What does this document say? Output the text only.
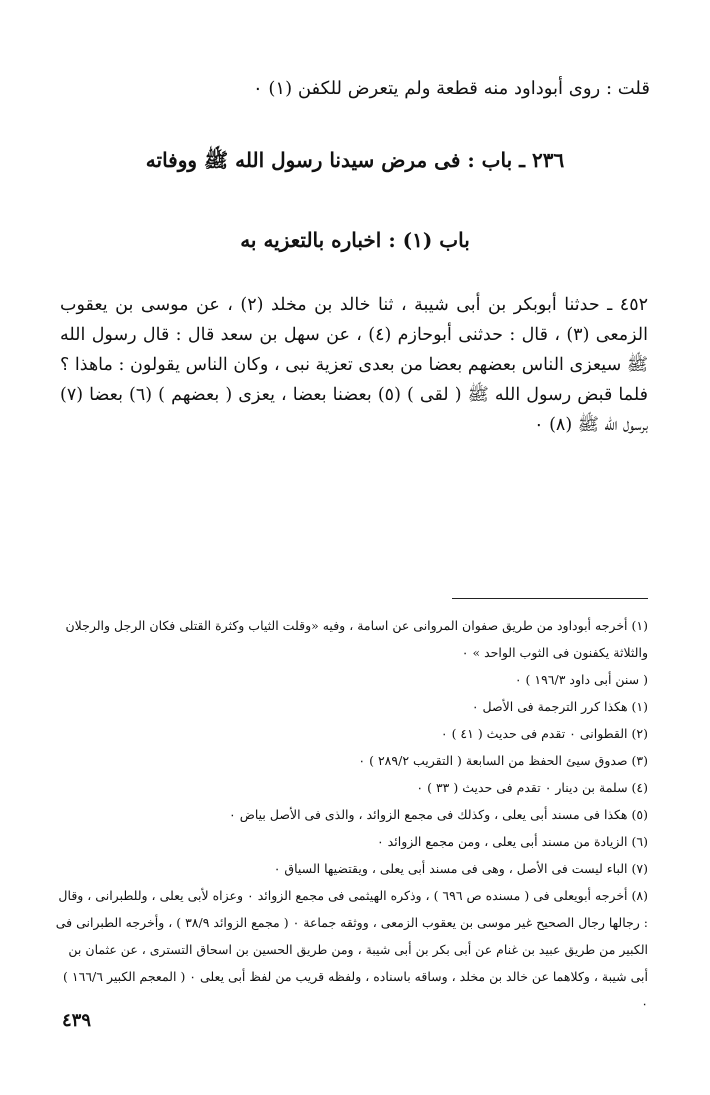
قلت : روى أبوداود منه قطعة ولم يتعرض للكفن (١) ٠
٢٣٦ ـ باب : فى مرض سيدنا رسول الله ﷺ ووفاته
باب (١) : اخباره بالتعزيه به
٤٥٢ ـ حدثنا أبوبكر بن أبى شيبة ، ثنا خالد بن مخلد (٢) ، عن موسى بن يعقوب الزمعى (٣) ، قال : حدثنى أبوحازم (٤) ، عن سهل بن سعد قال : قال رسول الله ﷺ سيعزى الناس بعضهم بعضا من بعدى تعزية نبى ، وكان الناس يقولون : ماهذا ؟ فلما قبض رسول الله ﷺ ( لقى ) (٥) بعضنا بعضا ، يعزى ( بعضهم ) (٦) بعضا (٧) برسول الله ﷺ (٨) ٠
(١) أخرجه أبوداود من طريق صفوان المروانى عن اسامة ، وفيه «وقلت الثياب وكثرة القتلى فكان الرجل والرجلان والثلاثة يكفنون فى الثوب الواحد » ٠
( سنن أبى داود ١٩٦/٣ ) ٠
(١) هكذا كرر الترجمة فى الأصل ٠
(٢) القطوانى ٠ تقدم فى حديث ( ٤١ ) ٠
(٣) صدوق سيئ الحفظ من السابعة ( التقريب ٢٨٩/٢ ) ٠
(٤) سلمة بن دينار ٠ تقدم فى حديث ( ٣٣ ) ٠
(٥) هكذا فى مسند أبى يعلى ، وكذلك فى مجمع الزوائد ، والذى فى الأصل بياض ٠
(٦) الزيادة من مسند أبى يعلى ، ومن مجمع الزوائد ٠
(٧) الباء ليست فى الأصل ، وهى فى مسند أبى يعلى ، ويقتضيها السياق ٠
(٨) أخرجه أبويعلى فى ( مسنده ص ٦٩٦ ) ، وذكره الهيثمى فى مجمع الزوائد ٠ وعزاه لأبى يعلى ، وللطبرانى ، وقال : رجالها رجال الصحيح غير موسى بن يعقوب الزمعى ، ووثقه جماعة ٠ ( مجمع الزوائد ٣٨/٩ ) ، وأخرجه الطبرانى فى الكبير من طريق عبيد بن غنام عن أبى بكر بن أبى شيبة ، ومن طريق الحسين بن اسحاق التسترى ، عن عثمان بن أبى شيبة ، وكلاهما عن خالد بن مخلد ، وساقه باسناده ، ولفظه قريب من لفظ أبى يعلى ٠ ( المعجم الكبير ١٦٦/٦ ) ٠
٤٣٩
